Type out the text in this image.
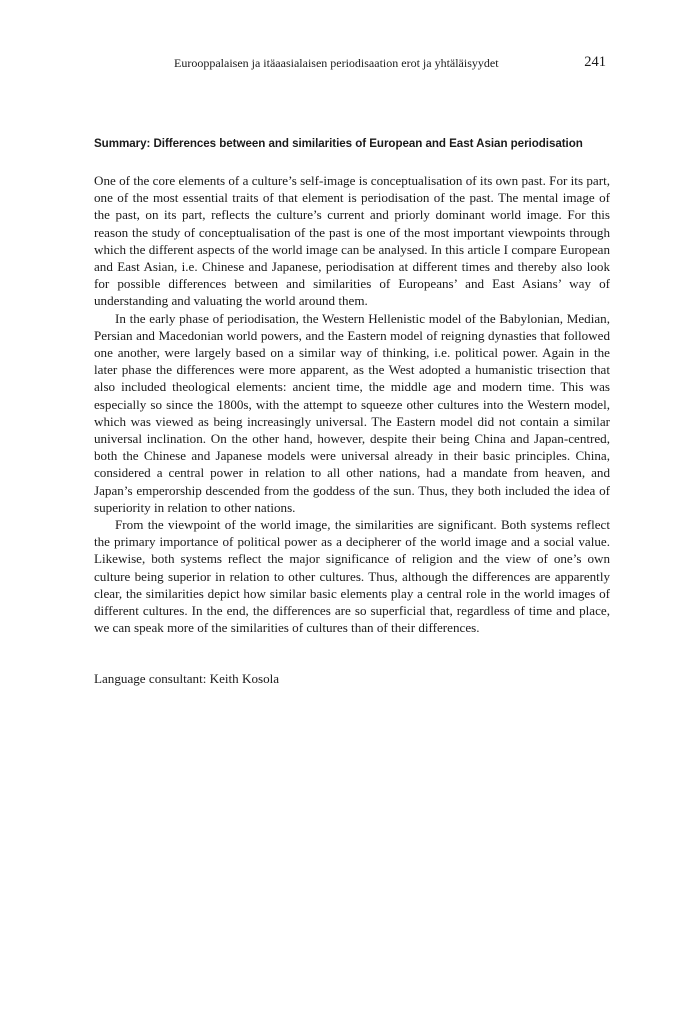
Eurooppalaisen ja itäaasialaisen periodisaation erot ja yhtäläisyydet	241
Summary: Differences between and similarities of European and East Asian periodisation

One of the core elements of a culture’s self-image is conceptualisation of its own past. For its part, one of the most essential traits of that element is periodisation of the past. The mental image of the past, on its part, reflects the culture’s current and priorly dominant world image. For this reason the study of conceptualisation of the past is one of the most important viewpoints through which the different aspects of the world image can be analysed. In this article I compare European and East Asian, i.e. Chinese and Japanese, periodisation at different times and thereby also look for possible differences between and similarities of Europeans’ and East Asians’ way of understanding and valuating the world around them.

In the early phase of periodisation, the Western Hellenistic model of the Babylonian, Median, Persian and Macedonian world powers, and the Eastern model of reigning dynasties that followed one another, were largely based on a similar way of thinking, i.e. political power. Again in the later phase the differences were more apparent, as the West adopted a humanistic trisection that also included theological elements: ancient time, the middle age and modern time. This was especially so since the 1800s, with the attempt to squeeze other cultures into the Western model, which was viewed as being increasingly universal. The Eastern model did not contain a similar universal inclination. On the other hand, however, despite their being China and Japan-centred, both the Chinese and Japanese models were universal already in their basic principles. China, considered a central power in relation to all other nations, had a mandate from heaven, and Japan’s emperorship descended from the goddess of the sun. Thus, they both included the idea of superiority in relation to other nations.

From the viewpoint of the world image, the similarities are significant. Both systems reflect the primary importance of political power as a decipherer of the world image and a social value. Likewise, both systems reflect the major significance of religion and the view of one’s own culture being superior in relation to other cultures. Thus, although the differences are apparently clear, the similarities depict how similar basic elements play a central role in the world images of different cultures. In the end, the differences are so superficial that, regardless of time and place, we can speak more of the similarities of cultures than of their differences.

Language consultant: Keith Kosola
